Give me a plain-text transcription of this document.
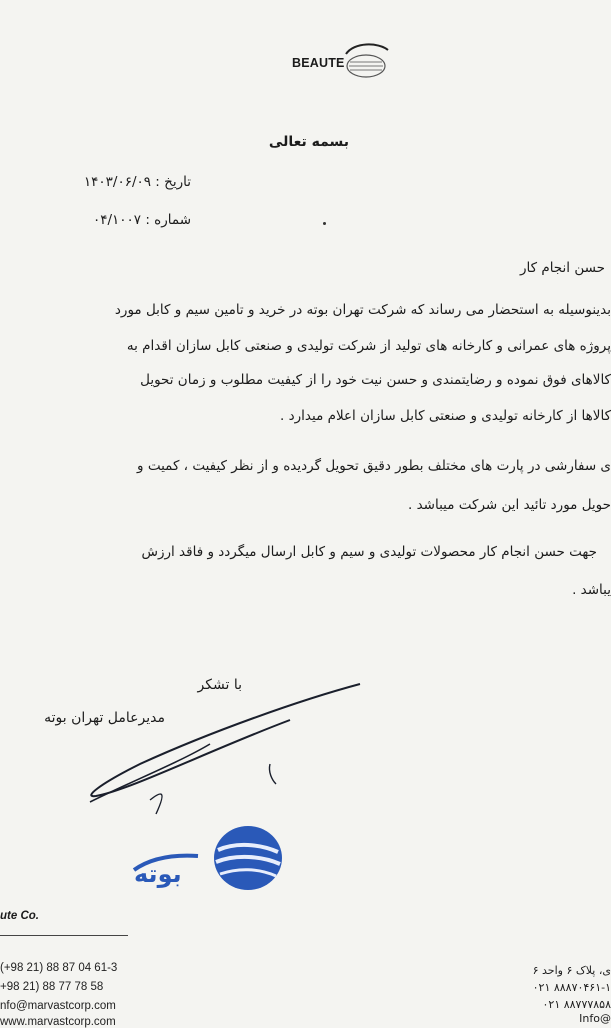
BEAUTE
بسمه تعالی
تاریخ : ۱۴۰۳/۰۶/۰۹
شماره : ۰۴/۱۰۰۷
حسن انجام کار
بدینوسیله به استحضار می رساند که شرکت تهران بوته در خرید و تامین سیم و کابل مورد
پروژه های عمرانی و کارخانه های تولید از شرکت تولیدی و صنعتی کابل سازان اقدام به
کالاهای فوق نموده و رضایتمندی و حسن نیت خود را از کیفیت مطلوب و زمان تحویل
کالاها از کارخانه تولیدی و صنعتی کابل سازان اعلام میدارد .
ی سفارشی در پارت های مختلف بطور دقیق تحویل گردیده و از نظر کیفیت ، کمیت و
حویل مورد تائید این شرکت میباشد .
جهت حسن انجام کار محصولات تولیدی و سیم و کابل ارسال میگردد و فاقد ارزش
یباشد .
با تشکر
مدیرعامل تهران بوته
بوته
ute Co.
(+98 21) 88 87 04 61-3
+98 21) 88 77 78 58
nfo@marvastcorp.com
www.marvastcorp.com
ی، پلاک ۶ واحد ۶
۰۲۱ ۸۸۸۷۰۴۶۱-۱
۰۲۱ ۸۸۷۷۷۸۵۸
Info@
